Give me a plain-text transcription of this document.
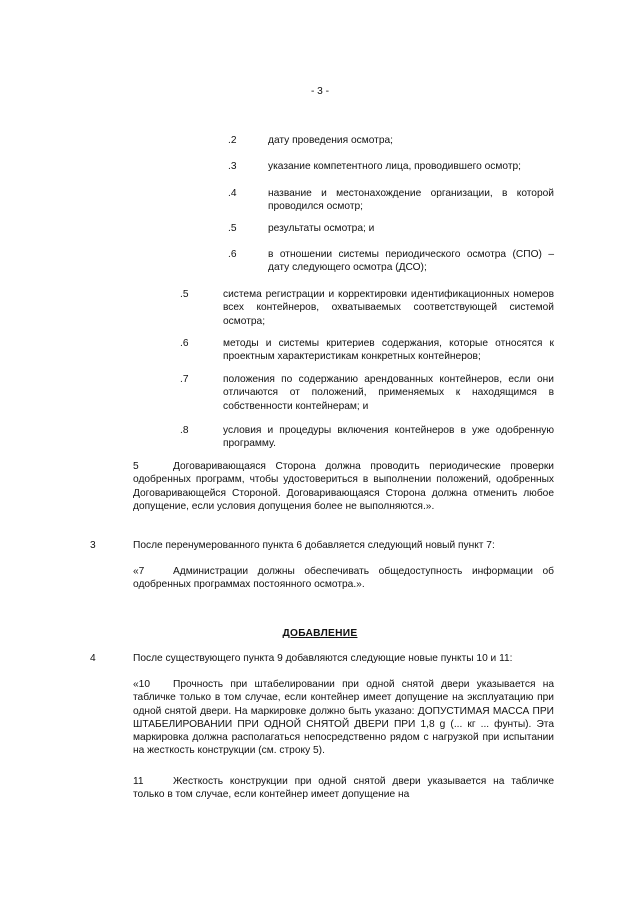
- 3 -
.2	дату проведения осмотра;
.3	указание компетентного лица, проводившего осмотр;
.4	название и местонахождение организации, в которой проводился осмотр;
.5	результаты осмотра; и
.6	в отношении системы периодического осмотра (СПО) – дату следующего осмотра (ДСО);
.5	система регистрации и корректировки идентификационных номеров всех контейнеров, охватываемых соответствующей системой осмотра;
.6	методы и системы критериев содержания, которые относятся к проектным характеристикам конкретных контейнеров;
.7	положения по содержанию арендованных контейнеров, если они отличаются от положений, применяемых к находящимся в собственности контейнерам; и
.8	условия и процедуры включения контейнеров в уже одобренную программу.
5	Договаривающаяся Сторона должна проводить периодические проверки одобренных программ, чтобы удостовериться в выполнении положений, одобренных Договаривающейся Стороной. Договаривающаяся Сторона должна отменить любое допущение, если условия допущения более не выполняются.».
3	После перенумерованного пункта 6 добавляется следующий новый пункт 7:
«7	Администрации должны обеспечивать общедоступность информации об одобренных программах постоянного осмотра.».
ДОБАВЛЕНИЕ
4	После существующего пункта 9 добавляются следующие новые пункты 10 и 11:
«10 Прочность при штабелировании при одной снятой двери указывается на табличке только в том случае, если контейнер имеет допущение на эксплуатацию при одной снятой двери. На маркировке должно быть указано: ДОПУСТИМАЯ МАССА ПРИ ШТАБЕЛИРОВАНИИ ПРИ ОДНОЙ СНЯТОЙ ДВЕРИ ПРИ 1,8 g (... кг ... фунты). Эта маркировка должна располагаться непосредственно рядом с нагрузкой при испытании на жесткость конструкции (см. строку 5).
11	Жесткость конструкции при одной снятой двери указывается на табличке только в том случае, если контейнер имеет допущение на
